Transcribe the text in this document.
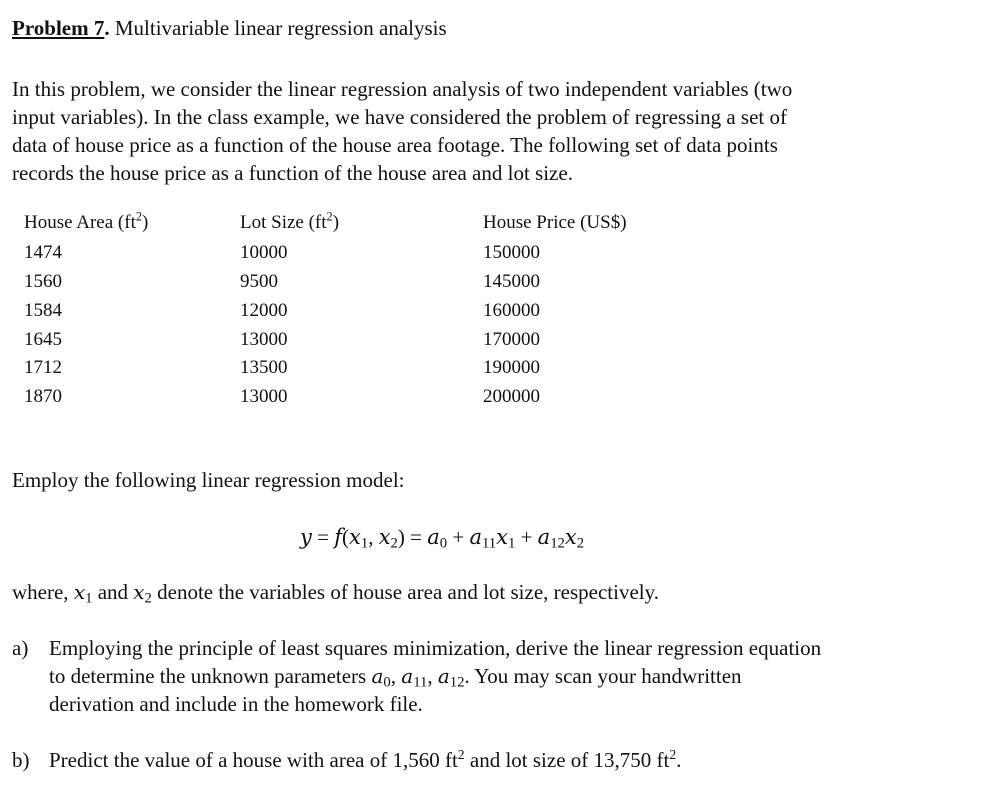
Problem 7. Multivariable linear regression analysis
In this problem, we consider the linear regression analysis of two independent variables (two
input variables). In the class example, we have considered the problem of regressing a set of
data of house price as a function of the house area footage. The following set of data points
records the house price as a function of the house area and lot size.
House Area $(ft^2)$	Lot Size $(ft^2)$	House Price (US$)
1474	10000	150000
1560	9500	145000
1584	12000	160000
1645	13000	170000
1712	13500	190000
1870	13000	200000
Employ the following linear regression model:
$y = f(x_1$, $x_2) = a_0 + a_{11}x_1 + a_{12}x_2$
where, $x_1$ and $x_2$ denote the variables of house area and lot size, respectively.
a) Employing the principle of least squares minimization, derive the linear regression equation
to determine the unknown parameters $a_0$, $a_{11}$, $a_{12}$. You may scan your handwritten
derivation and include in the homework file.
b) Predict the value of a house with area of 1,560 $ft^2$ and lot size of 13,750 $ft^2$.
